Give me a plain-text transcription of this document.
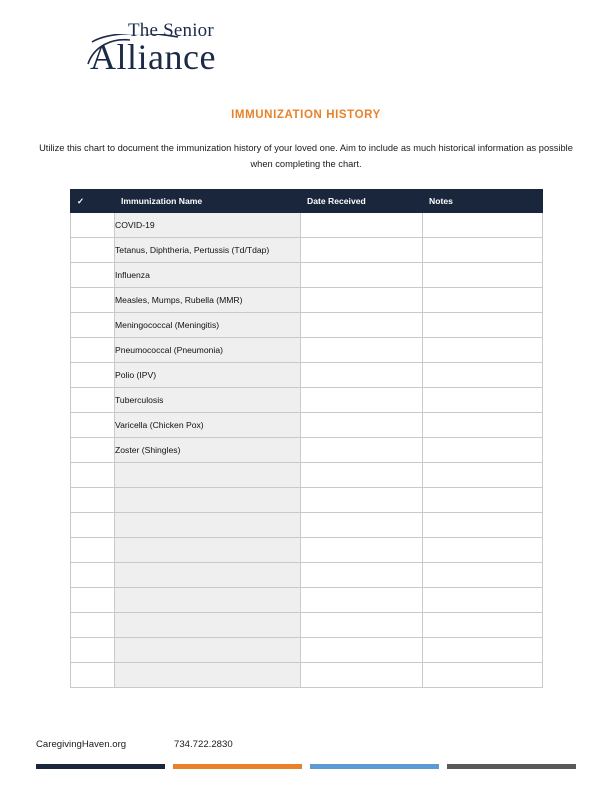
The Senior
Alliance
IMMUNIZATION HISTORY
Utilize this chart to document the immunization history of your loved one. Aim to include as much historical information as possible when completing the chart.
✓	Immunization Name	Date Received	Notes
	COVID-19		
	Tetanus, Diphtheria, Pertussis (Td/Tdap)		
	Influenza		
	Measles, Mumps, Rubella (MMR)		
	Meningococcal (Meningitis)		
	Pneumococcal (Pneumonia)		
	Polio (IPV)		
	Tuberculosis		
	Varicella (Chicken Pox)		
	Zoster (Shingles)		

CaregivingHaven.org	734.722.2830
